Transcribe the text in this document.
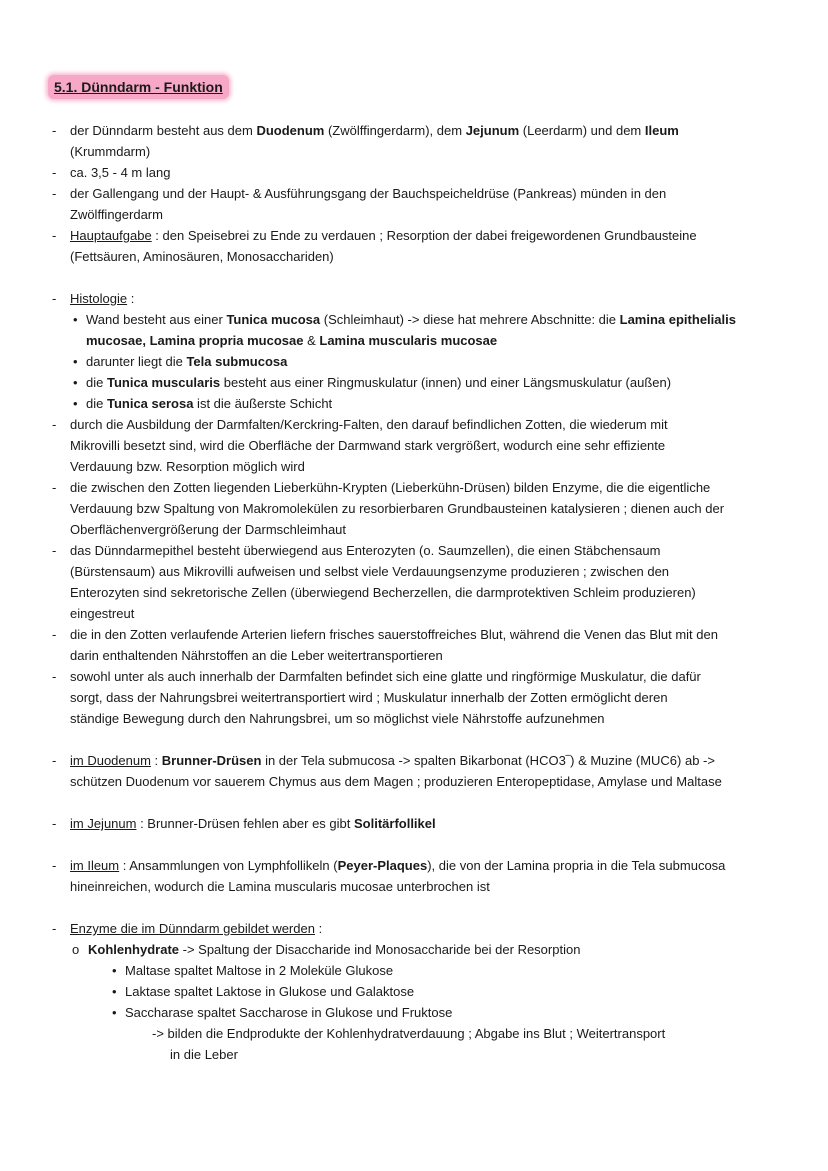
5.1. Dünndarm - Funktion
- der Dünndarm besteht aus dem Duodenum (Zwölffingerdarm), dem Jejunum (Leerdarm) und dem Ileum
(Krummdarm)
- ca. 3,5 - 4 m lang
- der Gallengang und der Haupt- & Ausführungsgang der Bauchspeicheldrüse (Pankreas) münden in den
Zwölffingerdarm
- Hauptaufgabe : den Speisebrei zu Ende zu verdauen ; Resorption der dabei freigewordenen Grundbausteine
(Fettsäuren, Aminosäuren, Monosacchariden)
- Histologie :
• Wand besteht aus einer Tunica mucosa (Schleimhaut) -> diese hat mehrere Abschnitte: die Lamina epithelialis
mucosae, Lamina propria mucosae & Lamina muscularis mucosae
• darunter liegt die Tela submucosa
• die Tunica muscularis besteht aus einer Ringmuskulatur (innen) und einer Längsmuskulatur (außen)
• die Tunica serosa ist die äußerste Schicht
- durch die Ausbildung der Darmfalten/Kerckring-Falten, den darauf befindlichen Zotten, die wiederum mit
Mikrovilli besetzt sind, wird die Oberfläche der Darmwand stark vergrößert, wodurch eine sehr effiziente
Verdauung bzw. Resorption möglich wird
- die zwischen den Zotten liegenden Lieberkühn-Krypten (Lieberkühn-Drüsen) bilden Enzyme, die die eigentliche
Verdauung bzw Spaltung von Makromolekülen zu resorbierbaren Grundbausteinen katalysieren ; dienen auch der
Oberflächenvergrößerung der Darmschleimhaut
- das Dünndarmepithel besteht überwiegend aus Enterozyten (o. Saumzellen), die einen Stäbchensaum
(Bürstensaum) aus Mikrovilli aufweisen und selbst viele Verdauungsenzyme produzieren ; zwischen den
Enterozyten sind sekretorische Zellen (überwiegend Becherzellen, die darmprotektiven Schleim produzieren)
eingestreut
- die in den Zotten verlaufende Arterien liefern frisches sauerstoffreiches Blut, während die Venen das Blut mit den
darin enthaltenden Nährstoffen an die Leber weitertransportieren
- sowohl unter als auch innerhalb der Darmfalten befindet sich eine glatte und ringförmige Muskulatur, die dafür
sorgt, dass der Nahrungsbrei weitertransportiert wird ; Muskulatur innerhalb der Zotten ermöglicht deren
ständige Bewegung durch den Nahrungsbrei, um so möglichst viele Nährstoffe aufzunehmen
- im Duodenum : Brunner-Drüsen in der Tela submucosa -> spalten Bikarbonat (HCO3‾) & Muzine (MUC6) ab ->
schützen Duodenum vor sauerem Chymus aus dem Magen ; produzieren Enteropeptidase, Amylase und Maltase
- im Jejunum : Brunner-Drüsen fehlen aber es gibt Solitärfollikel
- im Ileum : Ansammlungen von Lymphfollikeln (Peyer-Plaques), die von der Lamina propria in die Tela submucosa
hineinreichen, wodurch die Lamina muscularis mucosae unterbrochen ist
- Enzyme die im Dünndarm gebildet werden :
o Kohlenhydrate -> Spaltung der Disaccharide ind Monosaccharide bei der Resorption
• Maltase spaltet Maltose in 2 Moleküle Glukose
• Laktase spaltet Laktose in Glukose und Galaktose
• Saccharase spaltet Saccharose in Glukose und Fruktose
-> bilden die Endprodukte der Kohlenhydratverdauung ; Abgabe ins Blut ; Weitertransport
in die Leber
